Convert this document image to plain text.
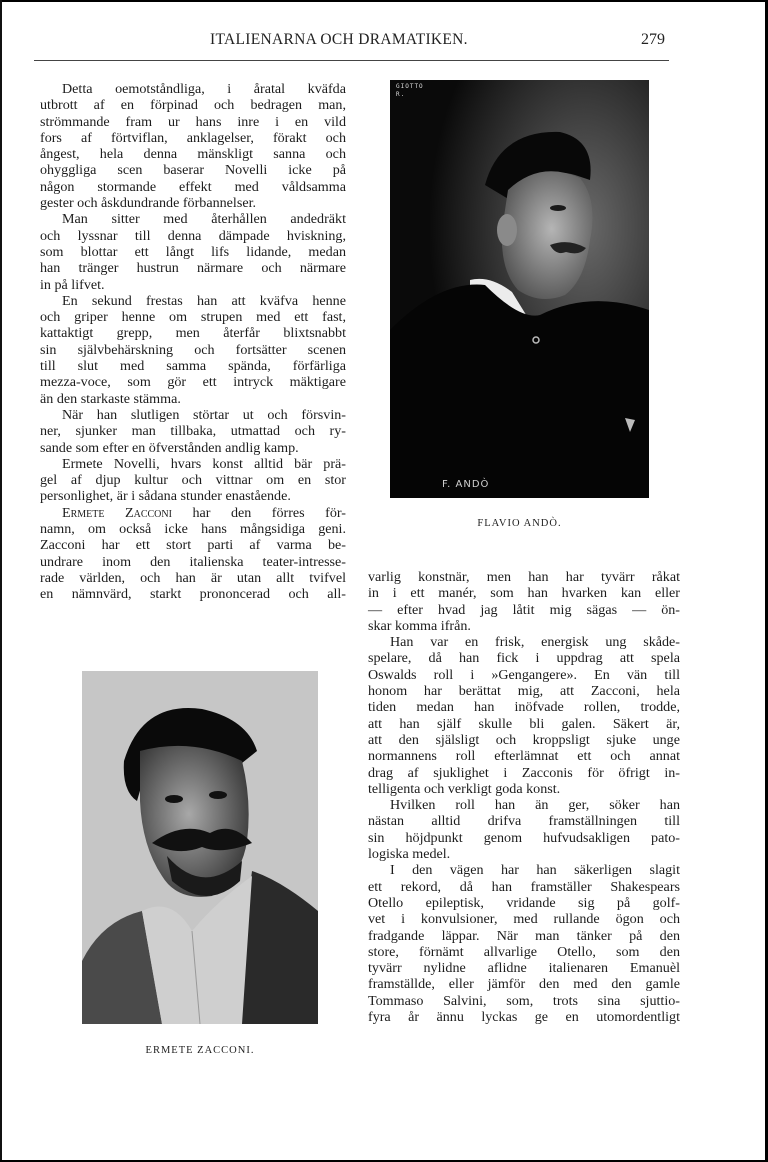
ITALIENARNA OCH DRAMATIKEN.	279

Detta oemotståndliga, i åratal kväfda
utbrott af en förpinad och bedragen man,
strömmande fram ur hans inre i en vild
fors af förtviflan, anklagelser, förakt och
ångest, hela denna mänskligt sanna och
ohyggliga scen baserar Novelli icke på
någon stormande effekt med våldsamma
gester och åskdundrande förbannelser.

Man sitter med återhållen andedräkt
och lyssnar till denna dämpade hviskning,
som blottar ett långt lifs lidande, medan
han tränger hustrun närmare och närmare
in på lifvet.

En sekund frestas han att kväfva henne
och griper henne om strupen med ett fast,
kattaktigt grepp, men återfår blixtsnabbt
sin självbehärskning och fortsätter scenen
till slut med samma spända, förfärliga
mezza-voce, som gör ett intryck mäktigare
än den starkaste stämma.

När han slutligen störtar ut och försvin-
ner, sjunker man tillbaka, utmattad och ry-
sande som efter en öfverstånden andlig kamp.

Ermete Novelli, hvars konst alltid bär prä-
gel af djup kultur och vittnar om en stor
personlighet, är i sådana stunder enastående.

Ermete Zacconi har den förres för-
namn, om också icke hans mångsidiga geni.
Zacconi har ett stort parti af varma be-
undrare inom den italienska teater-intresse-
rade världen, och han är utan allt tvifvel
en nämnvärd, starkt prononcerad och all-

GIOTTO
R.
F. ANDÒ
FLAVIO ANDÒ.

varlig konstnär, men han har tyvärr råkat
in i ett manér, som han hvarken kan eller
— efter hvad jag låtit mig sägas — ön-
skar komma ifrån.

Han var en frisk, energisk ung skåde-
spelare, då han fick i uppdrag att spela
Oswalds roll i »Gengangere». En vän till
honom har berättat mig, att Zacconi, hela
tiden medan han inöfvade rollen, trodde,
att han själf skulle bli galen. Säkert är,
att den själsligt och kroppsligt sjuke unge
normannens roll efterlämnat ett och annat
drag af sjuklighet i Zacconis för öfrigt in-
telligenta och verkligt goda konst.

Hvilken roll han än ger, söker han
nästan alltid drifva framställningen till
sin höjdpunkt genom hufvudsakligen pato-
logiska medel.

I den vägen har han säkerligen slagit
ett rekord, då han framställer Shakespears
Otello epileptisk, vridande sig på golf-
vet i konvulsioner, med rullande ögon och
fradgande läppar. När man tänker på den
store, förnämt allvarlige Otello, som den
tyvärr nylidne aflidne italienaren Emanuèl
framställde, eller jämför den med den gamle
Tommaso Salvini, som, trots sina sjuttio-
fyra år ännu lyckas ge en utomordentligt

ERMETE ZACCONI.
